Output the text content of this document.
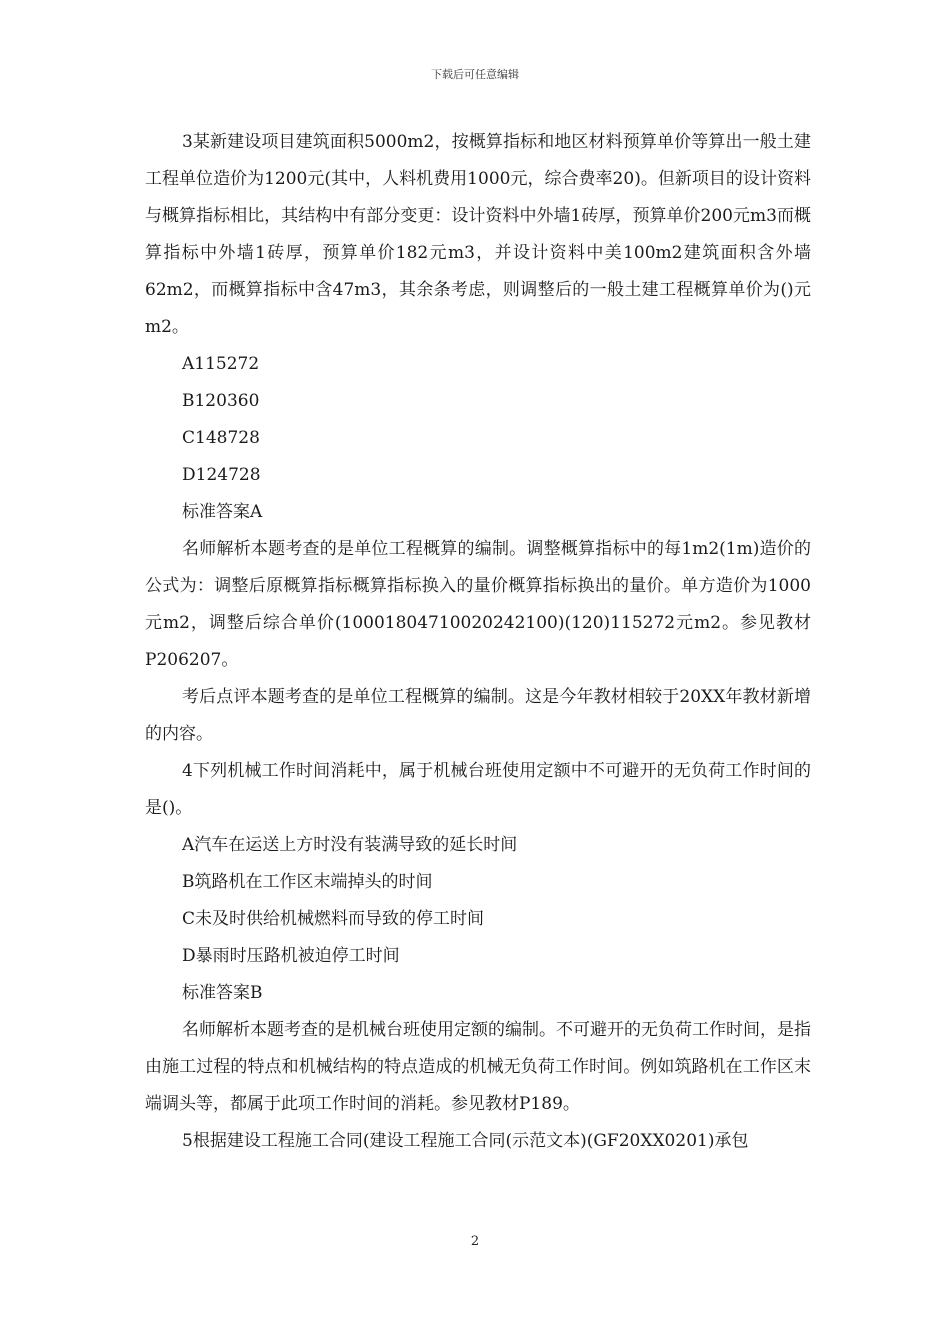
下载后可任意编辑

3某新建设项目建筑面积5000m2，按概算指标和地区材料预算单价等算出一般土建工程单位造价为1200元(其中，人料机费用1000元，综合费率20)。但新项目的设计资料与概算指标相比，其结构中有部分变更：设计资料中外墙1砖厚，预算单价200元m3而概算指标中外墙1砖厚，预算单价182元m3，并设计资料中美100m2建筑面积含外墙62m2，而概算指标中含47m3，其余条考虑，则调整后的一般土建工程概算单价为()元m2。

A115272

B120360

C148728

D124728

标准答案A

名师解析本题考查的是单位工程概算的编制。调整概算指标中的每1m2(1m)造价的公式为：调整后原概算指标概算指标换入的量价概算指标换出的量价。单方造价为1000元m2，调整后综合单价(10001804710020242100)(120)115272元m2。参见教材P206207。

考后点评本题考查的是单位工程概算的编制。这是今年教材相较于20XX年教材新增的内容。

4下列机械工作时间消耗中，属于机械台班使用定额中不可避开的无负荷工作时间的是()。

A汽车在运送上方时没有装满导致的延长时间

B筑路机在工作区末端掉头的时间

C未及时供给机械燃料而导致的停工时间

D暴雨时压路机被迫停工时间

标准答案B

名师解析本题考查的是机械台班使用定额的编制。不可避开的无负荷工作时间，是指由施工过程的特点和机械结构的特点造成的机械无负荷工作时间。例如筑路机在工作区末端调头等，都属于此项工作时间的消耗。参见教材P189。

5根据建设工程施工合同(建设工程施工合同(示范文本)(GF20XX0201)承包

2
